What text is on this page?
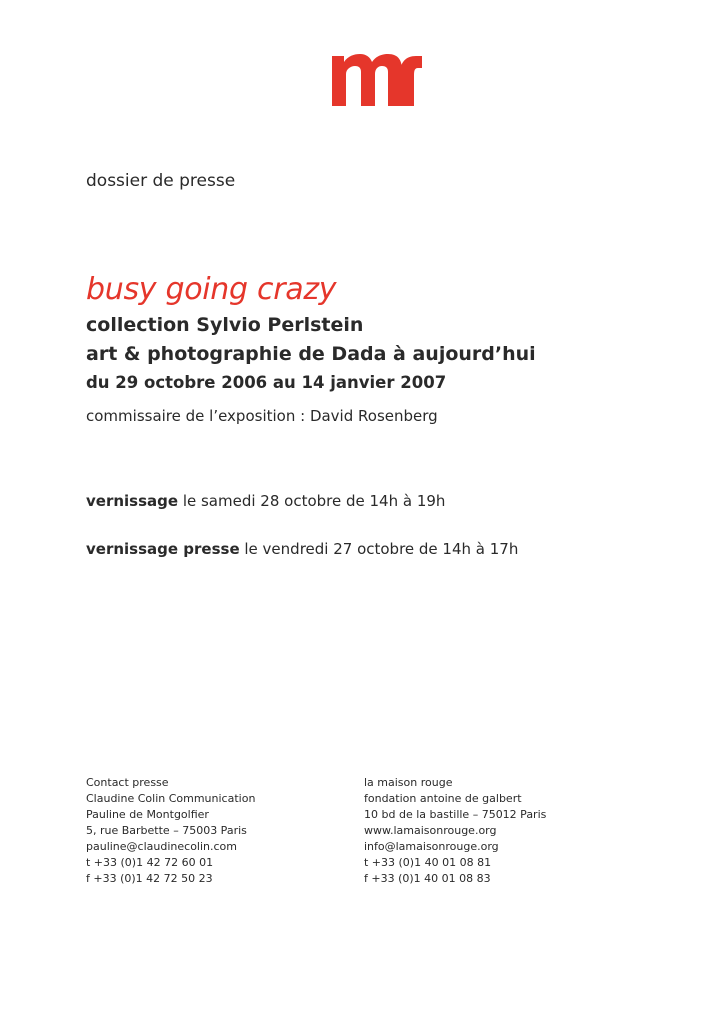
dossier de presse
busy going crazy
collection Sylvio Perlstein
art & photographie de Dada à aujourd’hui
du 29 octobre 2006 au 14 janvier 2007
commissaire de l’exposition : David Rosenberg
vernissage le samedi 28 octobre de 14h à 19h
vernissage presse le vendredi 27 octobre de 14h à 17h
Contact presse
Claudine Colin Communication
Pauline de Montgolfier
5, rue Barbette – 75003 Paris
pauline@claudinecolin.com
t +33 (0)1 42 72 60 01
f +33 (0)1 42 72 50 23
la maison rouge
fondation antoine de galbert
10 bd de la bastille – 75012 Paris
www.lamaisonrouge.org
info@lamaisonrouge.org
t +33 (0)1 40 01 08 81
f +33 (0)1 40 01 08 83
